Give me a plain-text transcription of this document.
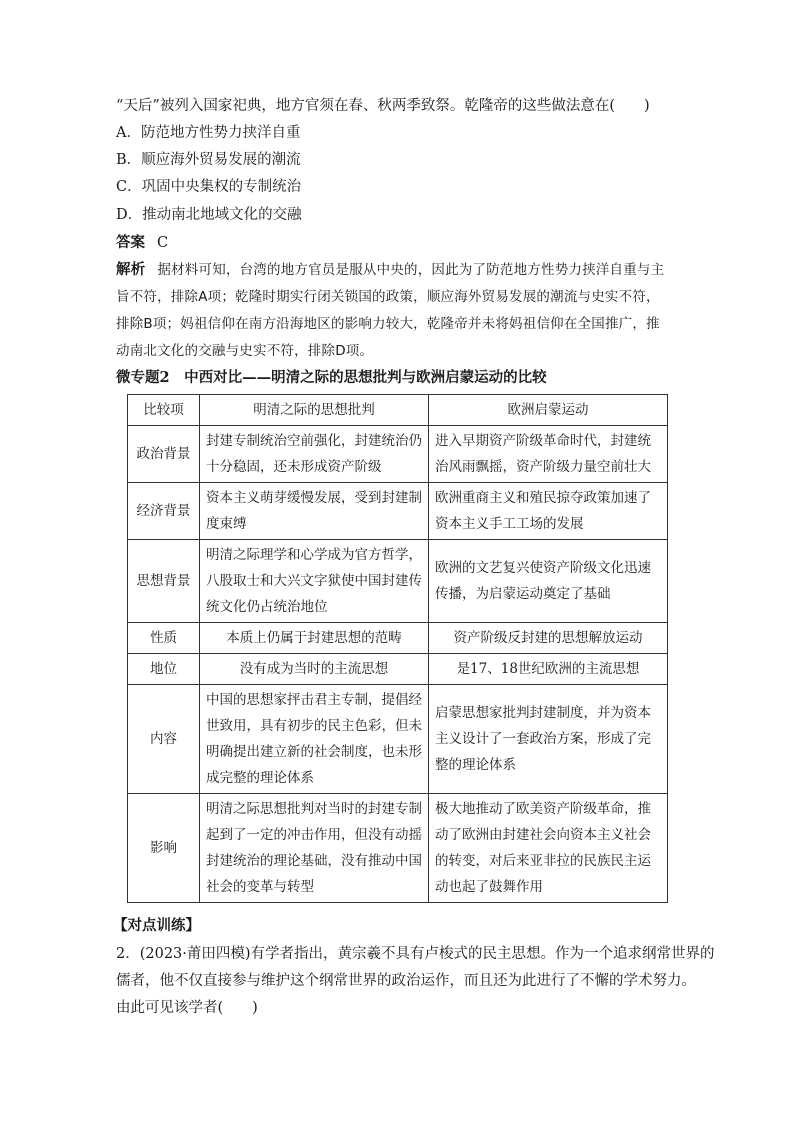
“天后”被列入国家祀典，地方官须在春、秋两季致祭。乾隆帝的这些做法意在(　　)
A．防范地方性势力挟洋自重
B．顺应海外贸易发展的潮流
C．巩固中央集权的专制统治
D．推动南北地域文化的交融
答案 C
解析 据材料可知，台湾的地方官员是服从中央的，因此为了防范地方性势力挟洋自重与主
旨不符，排除A项；乾隆时期实行闭关锁国的政策，顺应海外贸易发展的潮流与史实不符，
排除B项；妈祖信仰在南方沿海地区的影响力较大，乾隆帝并未将妈祖信仰在全国推广，推
动南北文化的交融与史实不符，排除D项。
微专题2　中西对比——明清之际的思想批判与欧洲启蒙运动的比较
比较项	明清之际的思想批判	欧洲启蒙运动
政治背景	封建专制统治空前强化，封建统治仍十分稳固，还未形成资产阶级	进入早期资产阶级革命时代，封建统治风雨飘摇，资产阶级力量空前壮大
经济背景	资本主义萌芽缓慢发展，受到封建制度束缚	欧洲重商主义和殖民掠夺政策加速了资本主义手工工场的发展
思想背景	明清之际理学和心学成为官方哲学，八股取士和大兴文字狱使中国封建传统文化仍占统治地位	欧洲的文艺复兴使资产阶级文化迅速传播，为启蒙运动奠定了基础
性质	本质上仍属于封建思想的范畴	资产阶级反封建的思想解放运动
地位	没有成为当时的主流思想	是17、18世纪欧洲的主流思想
内容	中国的思想家抨击君主专制，提倡经世致用，具有初步的民主色彩，但未明确提出建立新的社会制度，也未形成完整的理论体系	启蒙思想家批判封建制度，并为资本主义设计了一套政治方案，形成了完整的理论体系
影响	明清之际思想批判对当时的封建专制起到了一定的冲击作用，但没有动摇封建统治的理论基础，没有推动中国社会的变革与转型	极大地推动了欧美资产阶级革命，推动了欧洲由封建社会向资本主义社会的转变，对后来亚非拉的民族民主运动也起了鼓舞作用
【对点训练】
2．(2023·莆田四模)有学者指出，黄宗羲不具有卢梭式的民主思想。作为一个追求纲常世界的
儒者，他不仅直接参与维护这个纲常世界的政治运作，而且还为此进行了不懈的学术努力。
由此可见该学者(　　)
